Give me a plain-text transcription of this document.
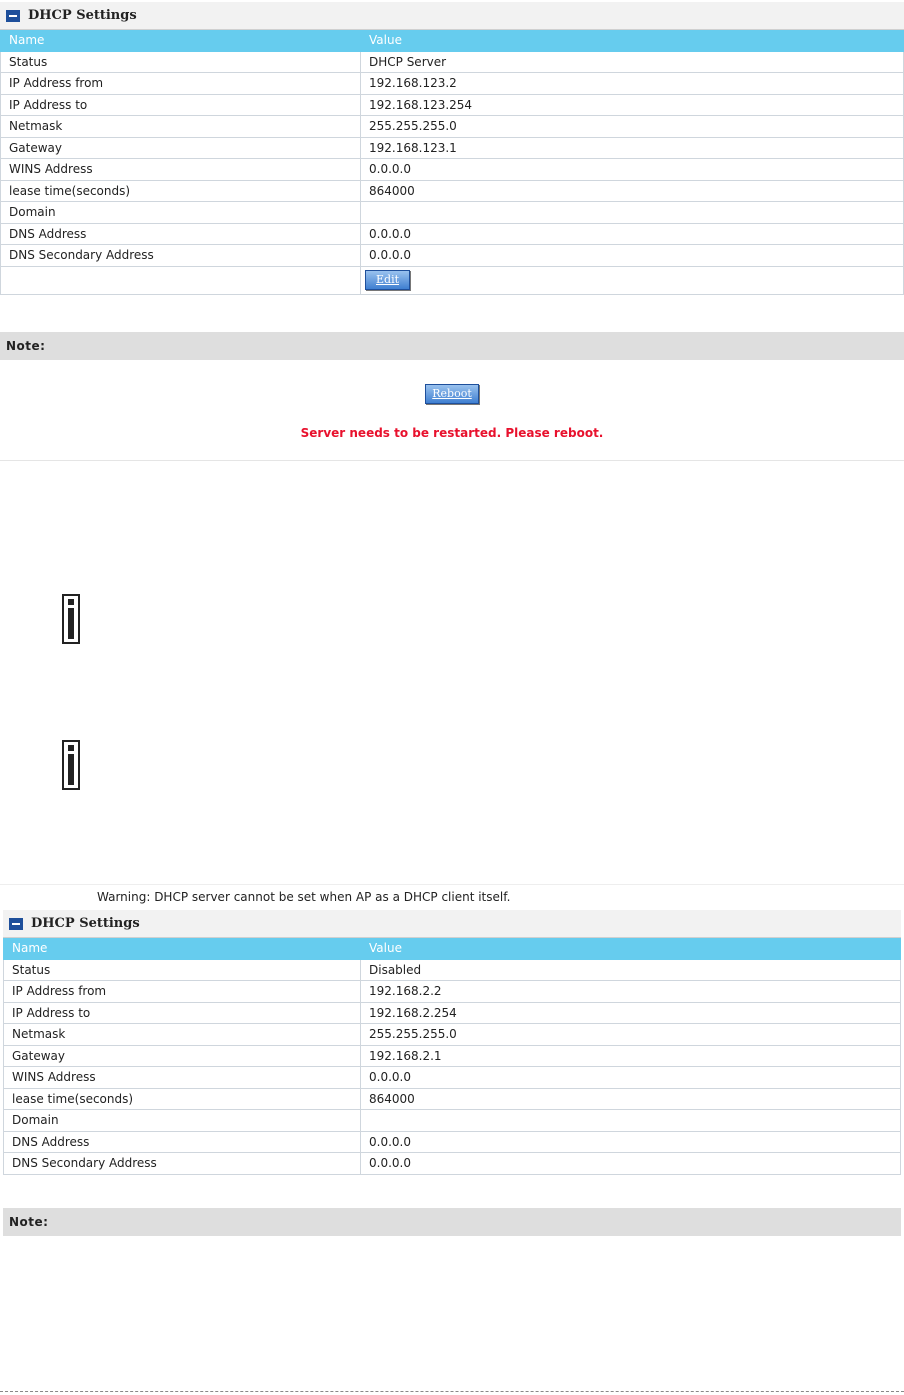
DHCP Settings
Name	Value
Status	DHCP Server
IP Address from	192.168.123.2
IP Address to	192.168.123.254
Netmask	255.255.255.0
Gateway	192.168.123.1
WINS Address	0.0.0.0
lease time(seconds)	864000
Domain	
DNS Address	0.0.0.0
DNS Secondary Address	0.0.0.0
	Edit
Note:
Reboot
Server needs to be restarted. Please reboot.
Warning: DHCP server cannot be set when AP as a DHCP client itself.
DHCP Settings
Name	Value
Status	Disabled
IP Address from	192.168.2.2
IP Address to	192.168.2.254
Netmask	255.255.255.0
Gateway	192.168.2.1
WINS Address	0.0.0.0
lease time(seconds)	864000
Domain	
DNS Address	0.0.0.0
DNS Secondary Address	0.0.0.0
Note:
